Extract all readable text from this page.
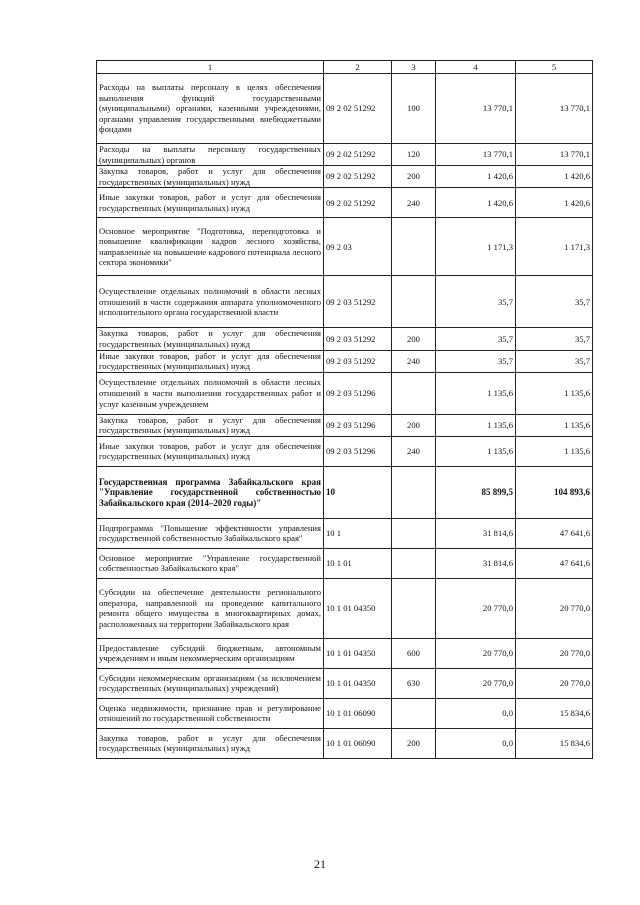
1	2	3	4	5
Расходы на выплаты персоналу в целях обеспечения выполнения функций государственными (муниципальными) органами, казенными учреждениями, органами управления государственными внебюджетными фондами	09 2 02 51292	100	13 770,1	13 770,1
Расходы на выплаты персоналу государственных (муниципальных) органов	09 2 02 51292	120	13 770,1	13 770,1
Закупка товаров, работ и услуг для обеспечения государственных (муниципальных) нужд	09 2 02 51292	200	1 420,6	1 420,6
Иные закупки товаров, работ и услуг для обеспечения государственных (муниципальных) нужд	09 2 02 51292	240	1 420,6	1 420,6
Основное мероприятие "Подготовка, переподготовка и повышение квалификации кадров лесного хозяйства, направленные на повышение кадрового потенциала лесного сектора экономики"	09 2 03		1 171,3	1 171,3
Осуществление отдельных полномочий в области лесных отношений в части содержания аппарата уполномоченного исполнительного органа государственной власти	09 2 03 51292		35,7	35,7
Закупка товаров, работ и услуг для обеспечения государственных (муниципальных) нужд	09 2 03 51292	200	35,7	35,7
Иные закупки товаров, работ и услуг для обеспечения государственных (муниципальных) нужд	09 2 03 51292	240	35,7	35,7
Осуществление отдельных полномочий в области лесных отношений в части выполнения государственных работ и услуг казенным учреждением	09 2 03 51296		1 135,6	1 135,6
Закупка товаров, работ и услуг для обеспечения государственных (муниципальных) нужд	09 2 03 51296	200	1 135,6	1 135,6
Иные закупки товаров, работ и услуг для обеспечения государственных (муниципальных) нужд	09 2 03 51296	240	1 135,6	1 135,6
Государственная программа Забайкальского края "Управление государственной собственностью Забайкальского края (2014–2020 годы)"	10		85 899,5	104 893,6
Подпрограмма "Повышение эффективности управления государственной собственностью Забайкальского края"	10 1		31 814,6	47 641,6
Основное мероприятие "Управление государственной собственностью Забайкальского края"	10 1 01		31 814,6	47 641,6
Субсидии на обеспечение деятельности регионального оператора, направленной на проведение капитального ремонта общего имущества в многоквартирных домах, расположенных на территории Забайкальского края	10 1 01 04350		20 770,0	20 770,0
Предоставление субсидий бюджетным, автономным учреждениям и иным некоммерческим организациям	10 1 01 04350	600	20 770,0	20 770,0
Субсидии некоммерческим организациям (за исключением государственных (муниципальных) учреждений)	10 1 01 04350	630	20 770,0	20 770,0
Оценка недвижимости, признание прав и регулирование отношений по государственной собственности	10 1 01 06090		0,0	15 834,6
Закупка товаров, работ и услуг для обеспечения государственных (муниципальных) нужд	10 1 01 06090	200	0,0	15 834,6
21
